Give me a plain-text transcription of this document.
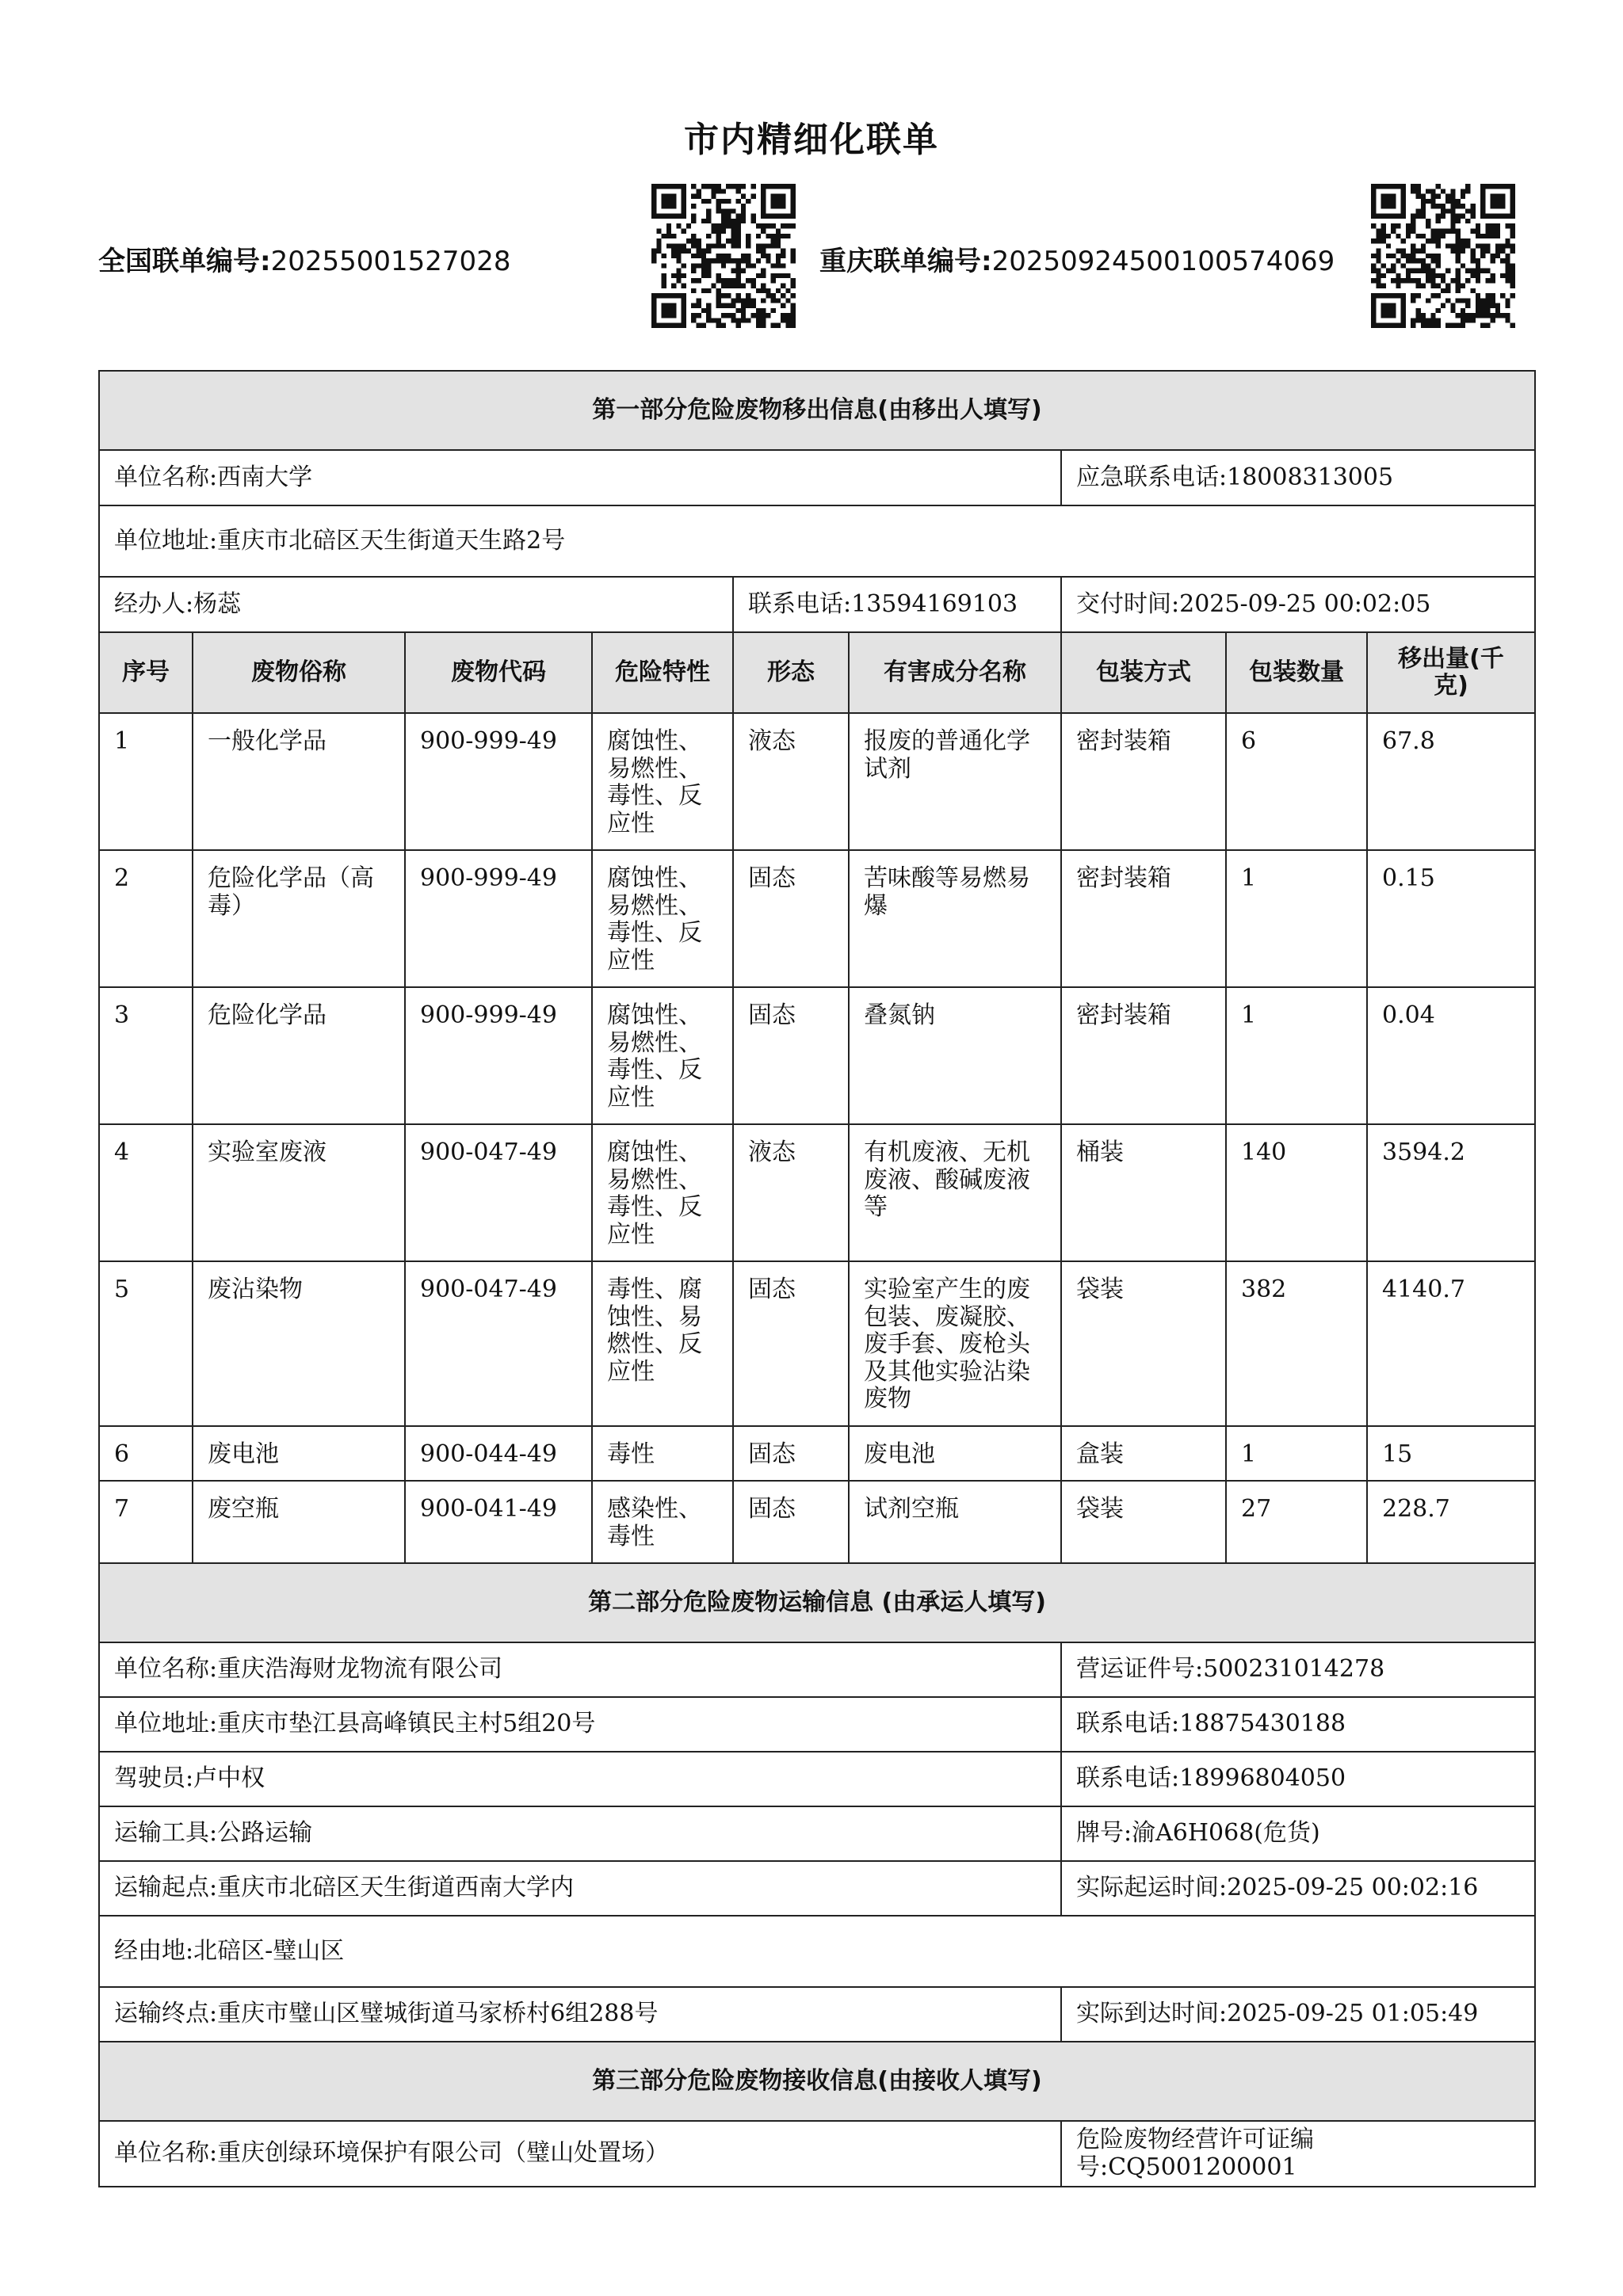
市内精细化联单
全国联单编号:20255001527028	重庆联单编号:20250924500100574069
第一部分危险废物移出信息(由移出人填写)								
单位名称:西南大学						应急联系电话:18008313005		
单位地址:重庆市北碚区天生街道天生路2号								
经办人:杨蕊				联系电话:13594169103		交付时间:2025-09-25 00:02:05		
序号	废物俗称	废物代码	危险特性	形态	有害成分名称	包装方式	包装数量	移出量(千克)
1	一般化学品	900-999-49	腐蚀性、易燃性、毒性、反应性	液态	报废的普通化学试剂	密封装箱	6	67.8
2	危险化学品（高毒）	900-999-49	腐蚀性、易燃性、毒性、反应性	固态	苦味酸等易燃易爆	密封装箱	1	0.15
3	危险化学品	900-999-49	腐蚀性、易燃性、毒性、反应性	固态	叠氮钠	密封装箱	1	0.04
4	实验室废液	900-047-49	腐蚀性、易燃性、毒性、反应性	液态	有机废液、无机废液、酸碱废液等	桶装	140	3594.2
5	废沾染物	900-047-49	毒性、腐蚀性、易燃性、反应性	固态	实验室产生的废包装、废凝胶、废手套、废枪头及其他实验沾染废物	袋装	382	4140.7
6	废电池	900-044-49	毒性	固态	废电池	盒装	1	15
7	废空瓶	900-041-49	感染性、毒性	固态	试剂空瓶	袋装	27	228.7
第二部分危险废物运输信息 (由承运人填写)								
单位名称:重庆浩海财龙物流有限公司						营运证件号:500231014278		
单位地址:重庆市垫江县高峰镇民主村5组20号						联系电话:18875430188		
驾驶员:卢中权						联系电话:18996804050		
运输工具:公路运输						牌号:渝A6H068(危货)		
运输起点:重庆市北碚区天生街道西南大学内						实际起运时间:2025-09-25 00:02:16		
经由地:北碚区-璧山区								
运输终点:重庆市璧山区璧城街道马家桥村6组288号						实际到达时间:2025-09-25 01:05:49		
第三部分危险废物接收信息(由接收人填写)								
单位名称:重庆创绿环境保护有限公司（璧山处置场）						危险废物经营许可证编号:CQ5001200001		
